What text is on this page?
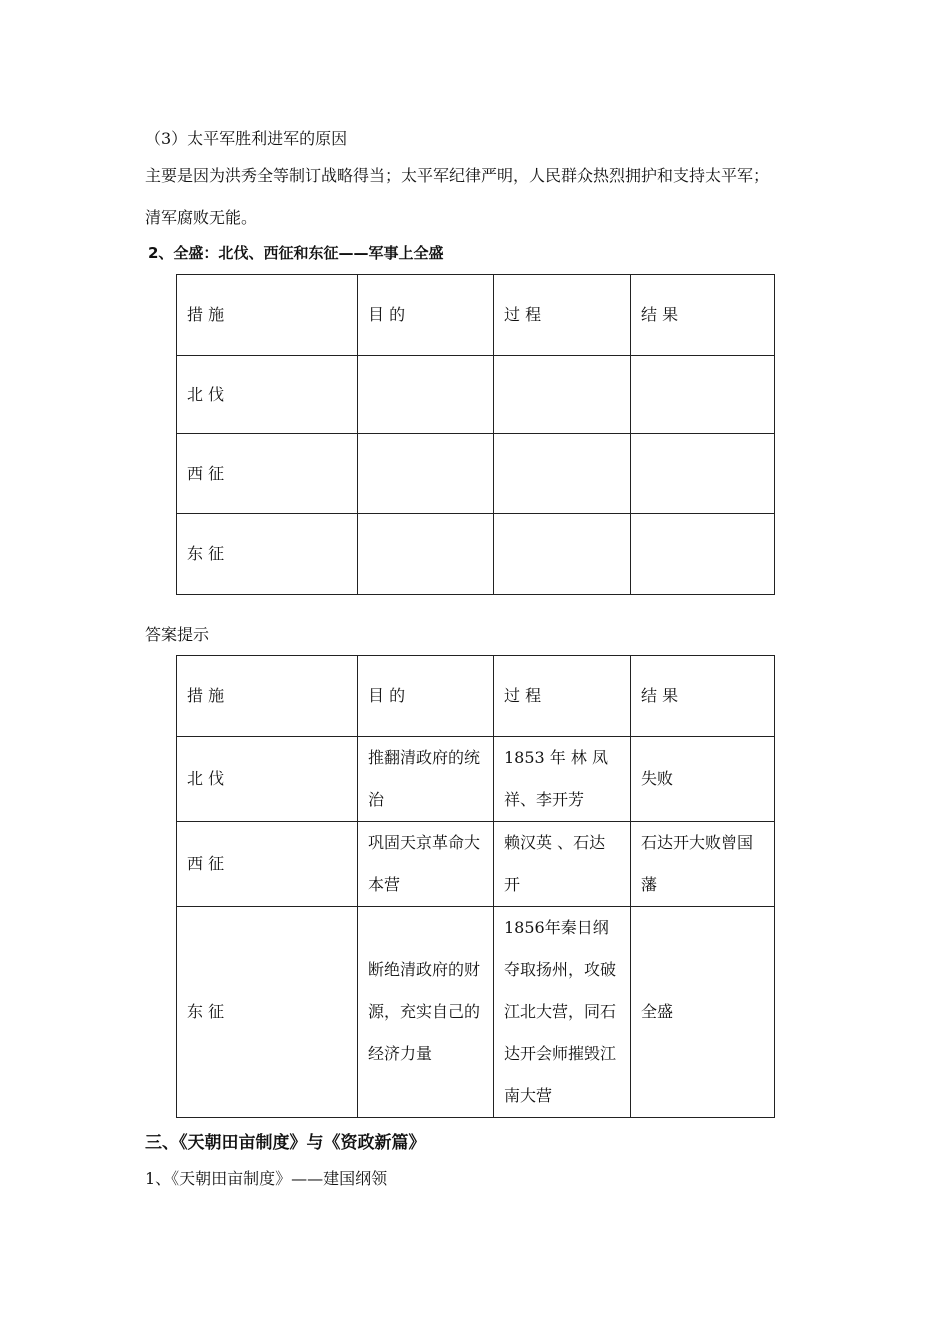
（3）太平军胜利进军的原因
主要是因为洪秀全等制订战略得当；太平军纪律严明，人民群众热烈拥护和支持太平军；
清军腐败无能。
2、全盛：北伐、西征和东征——军事上全盛
措 施	目 的	过 程	结 果
北 伐			
西 征			
东 征			
答案提示
措 施	目 的	过 程	结 果
北 伐	推翻清政府的统治	1853 年 林 凤 祥、李开芳	失败
西 征	巩固天京革命大本营	赖汉英 、石达开	石达开大败曾国藩
东 征	断绝清政府的财源，充实自己的经济力量	1856年秦日纲夺取扬州，攻破江北大营，同石达开会师摧毁江南大营	全盛
三、《天朝田亩制度》与《资政新篇》
1、《天朝田亩制度》——建国纲领
